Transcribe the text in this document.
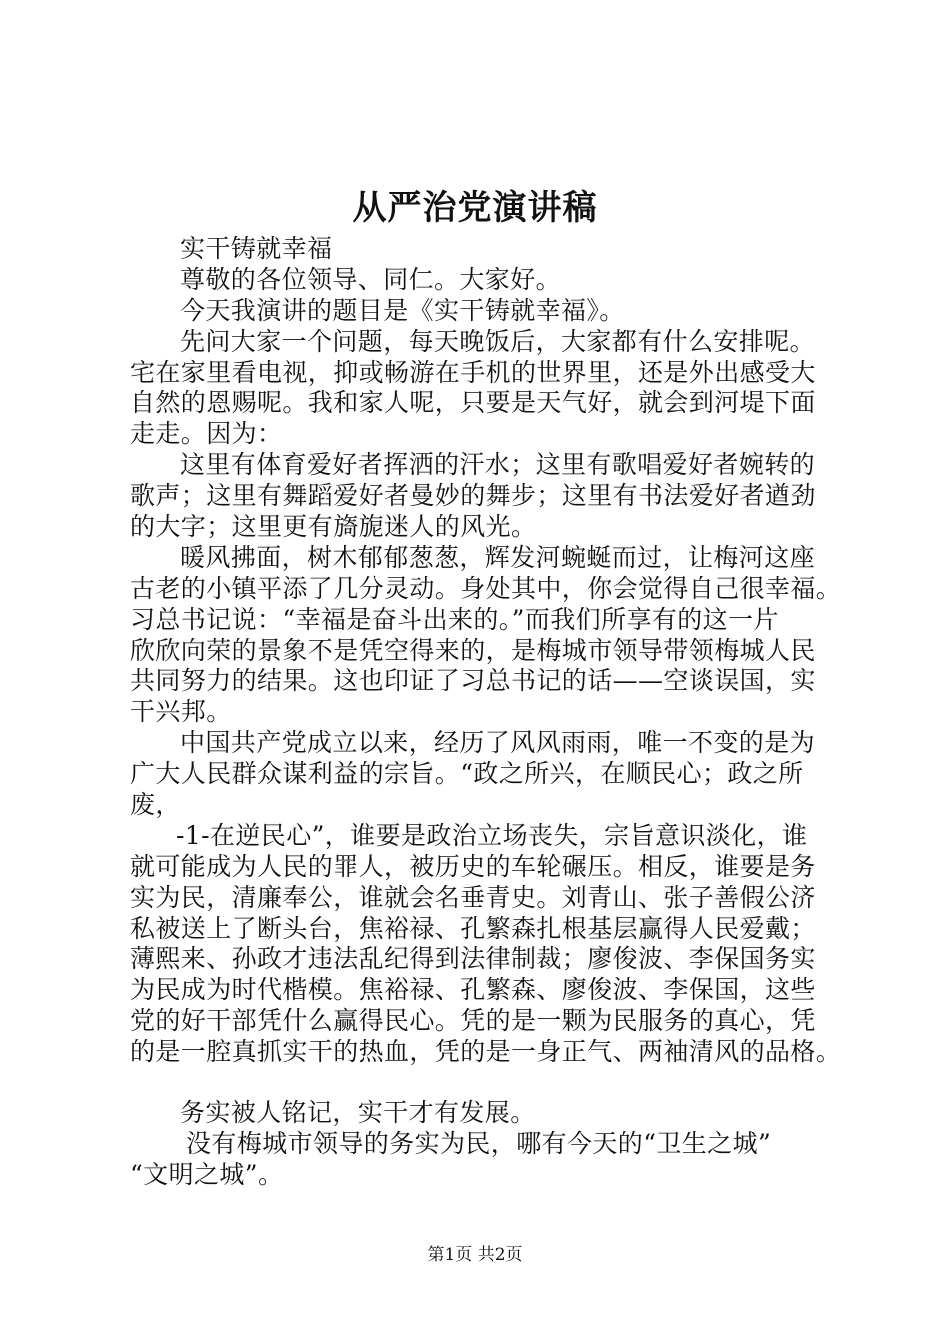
从严治党演讲稿
实干铸就幸福
尊敬的各位领导、同仁。大家好。
今天我演讲的题目是《实干铸就幸福》。
先问大家一个问题，每天晚饭后，大家都有什么安排呢。
宅在家里看电视，抑或畅游在手机的世界里，还是外出感受大
自然的恩赐呢。我和家人呢，只要是天气好，就会到河堤下面
走走。因为：
这里有体育爱好者挥洒的汗水；这里有歌唱爱好者婉转的
歌声；这里有舞蹈爱好者曼妙的舞步；这里有书法爱好者遒劲
的大字；这里更有旖旎迷人的风光。
暖风拂面，树木郁郁葱葱，辉发河蜿蜒而过，让梅河这座
古老的小镇平添了几分灵动。身处其中，你会觉得自己很幸福。
习总书记说：“幸福是奋斗出来的。”而我们所享有的这一片
欣欣向荣的景象不是凭空得来的，是梅城市领导带领梅城人民
共同努力的结果。这也印证了习总书记的话——空谈误国，实
干兴邦。
中国共产党成立以来，经历了风风雨雨，唯一不变的是为
广大人民群众谋利益的宗旨。“政之所兴，在顺民心；政之所
废，
-1-在逆民心”，谁要是政治立场丧失，宗旨意识淡化，谁
就可能成为人民的罪人，被历史的车轮碾压。相反，谁要是务
实为民，清廉奉公，谁就会名垂青史。刘青山、张子善假公济
私被送上了断头台，焦裕禄、孔繁森扎根基层赢得人民爱戴；
薄熙来、孙政才违法乱纪得到法律制裁；廖俊波、李保国务实
为民成为时代楷模。焦裕禄、孔繁森、廖俊波、李保国，这些
党的好干部凭什么赢得民心。凭的是一颗为民服务的真心，凭
的是一腔真抓实干的热血，凭的是一身正气、两袖清风的品格。
务实被人铭记，实干才有发展。
没有梅城市领导的务实为民，哪有今天的“卫生之城”
“文明之城”。
第1页 共2页
